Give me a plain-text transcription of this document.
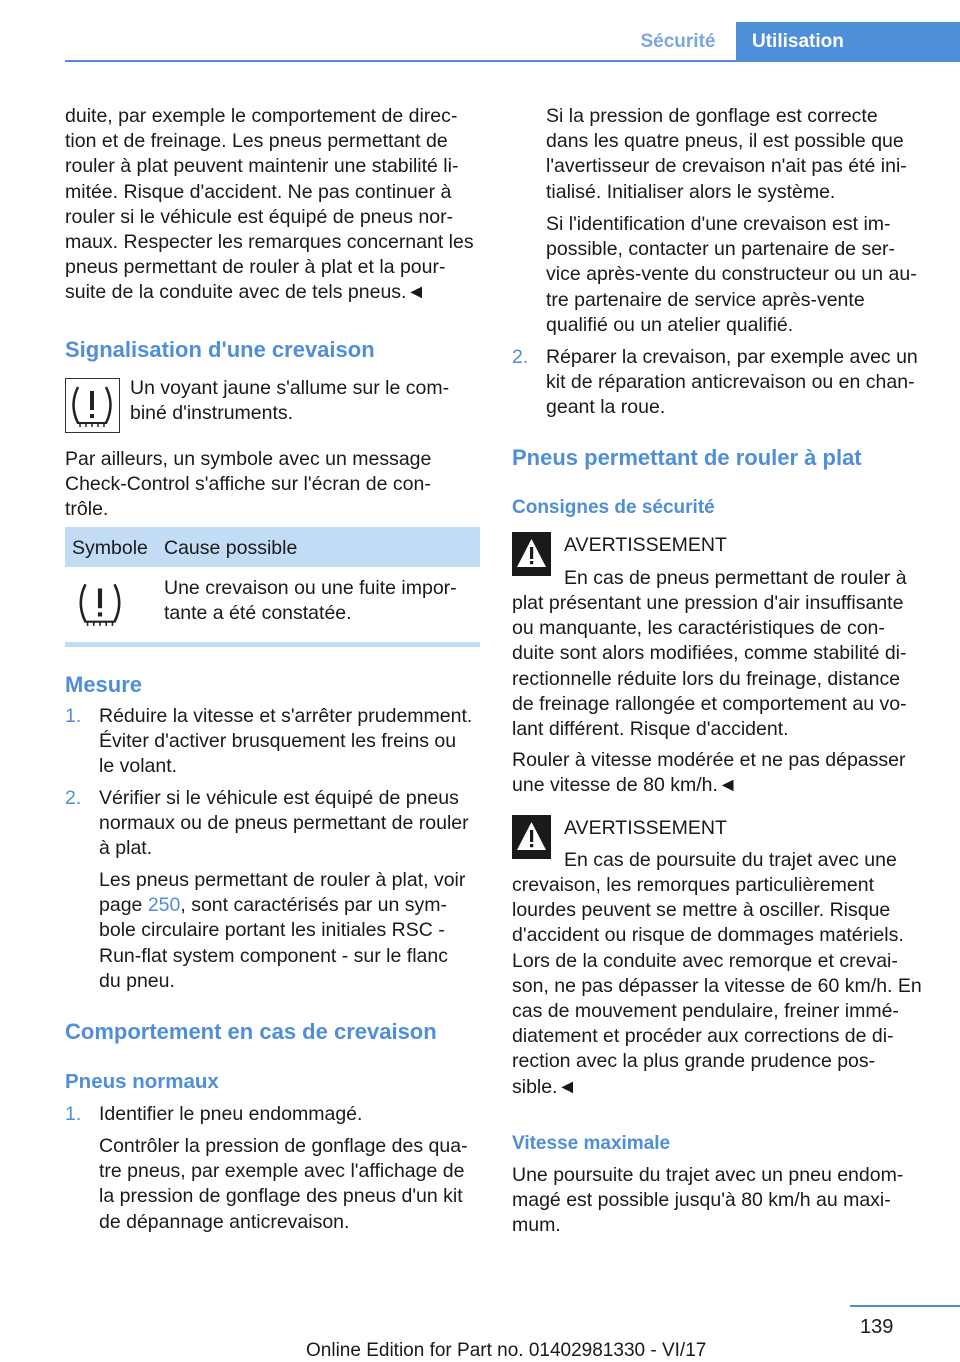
Sécurité	Utilisation
duite, par exemple le comportement de direc-
tion et de freinage. Les pneus permettant de
rouler à plat peuvent maintenir une stabilité li-
mitée. Risque d'accident. Ne pas continuer à
rouler si le véhicule est équipé de pneus nor-
maux. Respecter les remarques concernant les
pneus permettant de rouler à plat et la pour-
suite de la conduite avec de tels pneus.◄
Signalisation d'une crevaison
Un voyant jaune s'allume sur le com-
biné d'instruments.
Par ailleurs, un symbole avec un message
Check-Control s'affiche sur l'écran de con-
trôle.
Symbole Cause possible
Une crevaison ou une fuite impor-
tante a été constatée.
Mesure
1. Réduire la vitesse et s'arrêter prudemment.
Éviter d'activer brusquement les freins ou
le volant.
2. Vérifier si le véhicule est équipé de pneus
normaux ou de pneus permettant de rouler
à plat.
Les pneus permettant de rouler à plat, voir
page 250, sont caractérisés par un sym-
bole circulaire portant les initiales RSC -
Run-flat system component - sur le flanc
du pneu.
Comportement en cas de crevaison
Pneus normaux
1. Identifier le pneu endommagé.
Contrôler la pression de gonflage des qua-
tre pneus, par exemple avec l'affichage de
la pression de gonflage des pneus d'un kit
de dépannage anticrevaison.
Si la pression de gonflage est correcte
dans les quatre pneus, il est possible que
l'avertisseur de crevaison n'ait pas été ini-
tialisé. Initialiser alors le système.
Si l'identification d'une crevaison est im-
possible, contacter un partenaire de ser-
vice après-vente du constructeur ou un au-
tre partenaire de service après-vente
qualifié ou un atelier qualifié.
2. Réparer la crevaison, par exemple avec un
kit de réparation anticrevaison ou en chan-
geant la roue.
Pneus permettant de rouler à plat
Consignes de sécurité
AVERTISSEMENT
En cas de pneus permettant de rouler à
plat présentant une pression d'air insuffisante
ou manquante, les caractéristiques de con-
duite sont alors modifiées, comme stabilité di-
rectionnelle réduite lors du freinage, distance
de freinage rallongée et comportement au vo-
lant différent. Risque d'accident.
Rouler à vitesse modérée et ne pas dépasser
une vitesse de 80 km/h.◄
AVERTISSEMENT
En cas de poursuite du trajet avec une
crevaison, les remorques particulièrement
lourdes peuvent se mettre à osciller. Risque
d'accident ou risque de dommages matériels.
Lors de la conduite avec remorque et crevai-
son, ne pas dépasser la vitesse de 60 km/h. En
cas de mouvement pendulaire, freiner immé-
diatement et procéder aux corrections de di-
rection avec la plus grande prudence pos-
sible.◄
Vitesse maximale
Une poursuite du trajet avec un pneu endom-
magé est possible jusqu'à 80 km/h au maxi-
mum.
139
Online Edition for Part no. 01402981330 - VI/17
